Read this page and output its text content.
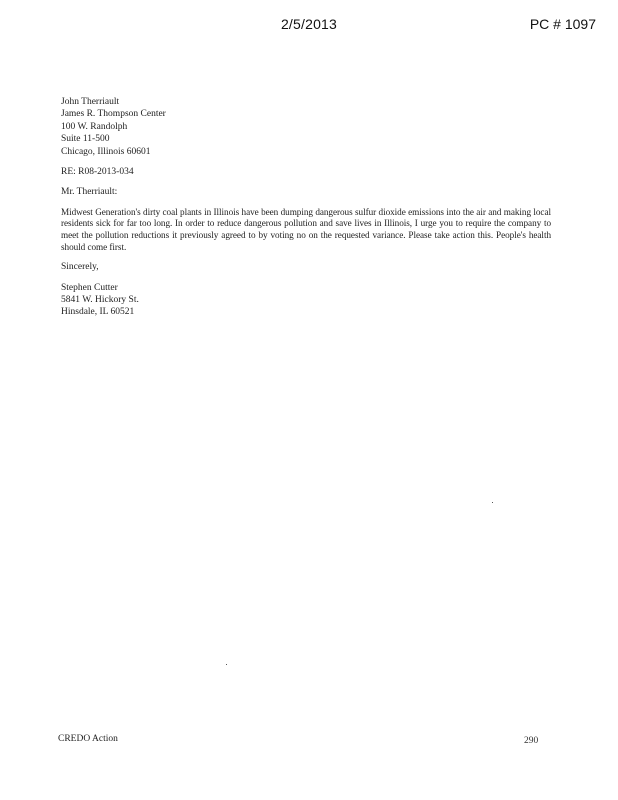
2/5/2013	PC # 1097
John Therriault
James R. Thompson Center
100 W. Randolph
Suite 11-500
Chicago, Illinois 60601
RE: R08-2013-034
Mr. Therriault:
Midwest Generation's dirty coal plants in Illinois have been dumping dangerous sulfur dioxide emissions into the air and making local residents sick for far too long. In order to reduce dangerous pollution and save lives in Illinois, I urge you to require the company to meet the pollution reductions it previously agreed to by voting no on the requested variance. Please take action this. People's health should come first.
Sincerely,
Stephen Cutter
5841 W. Hickory St.
Hinsdale, IL 60521
CREDO Action	290
